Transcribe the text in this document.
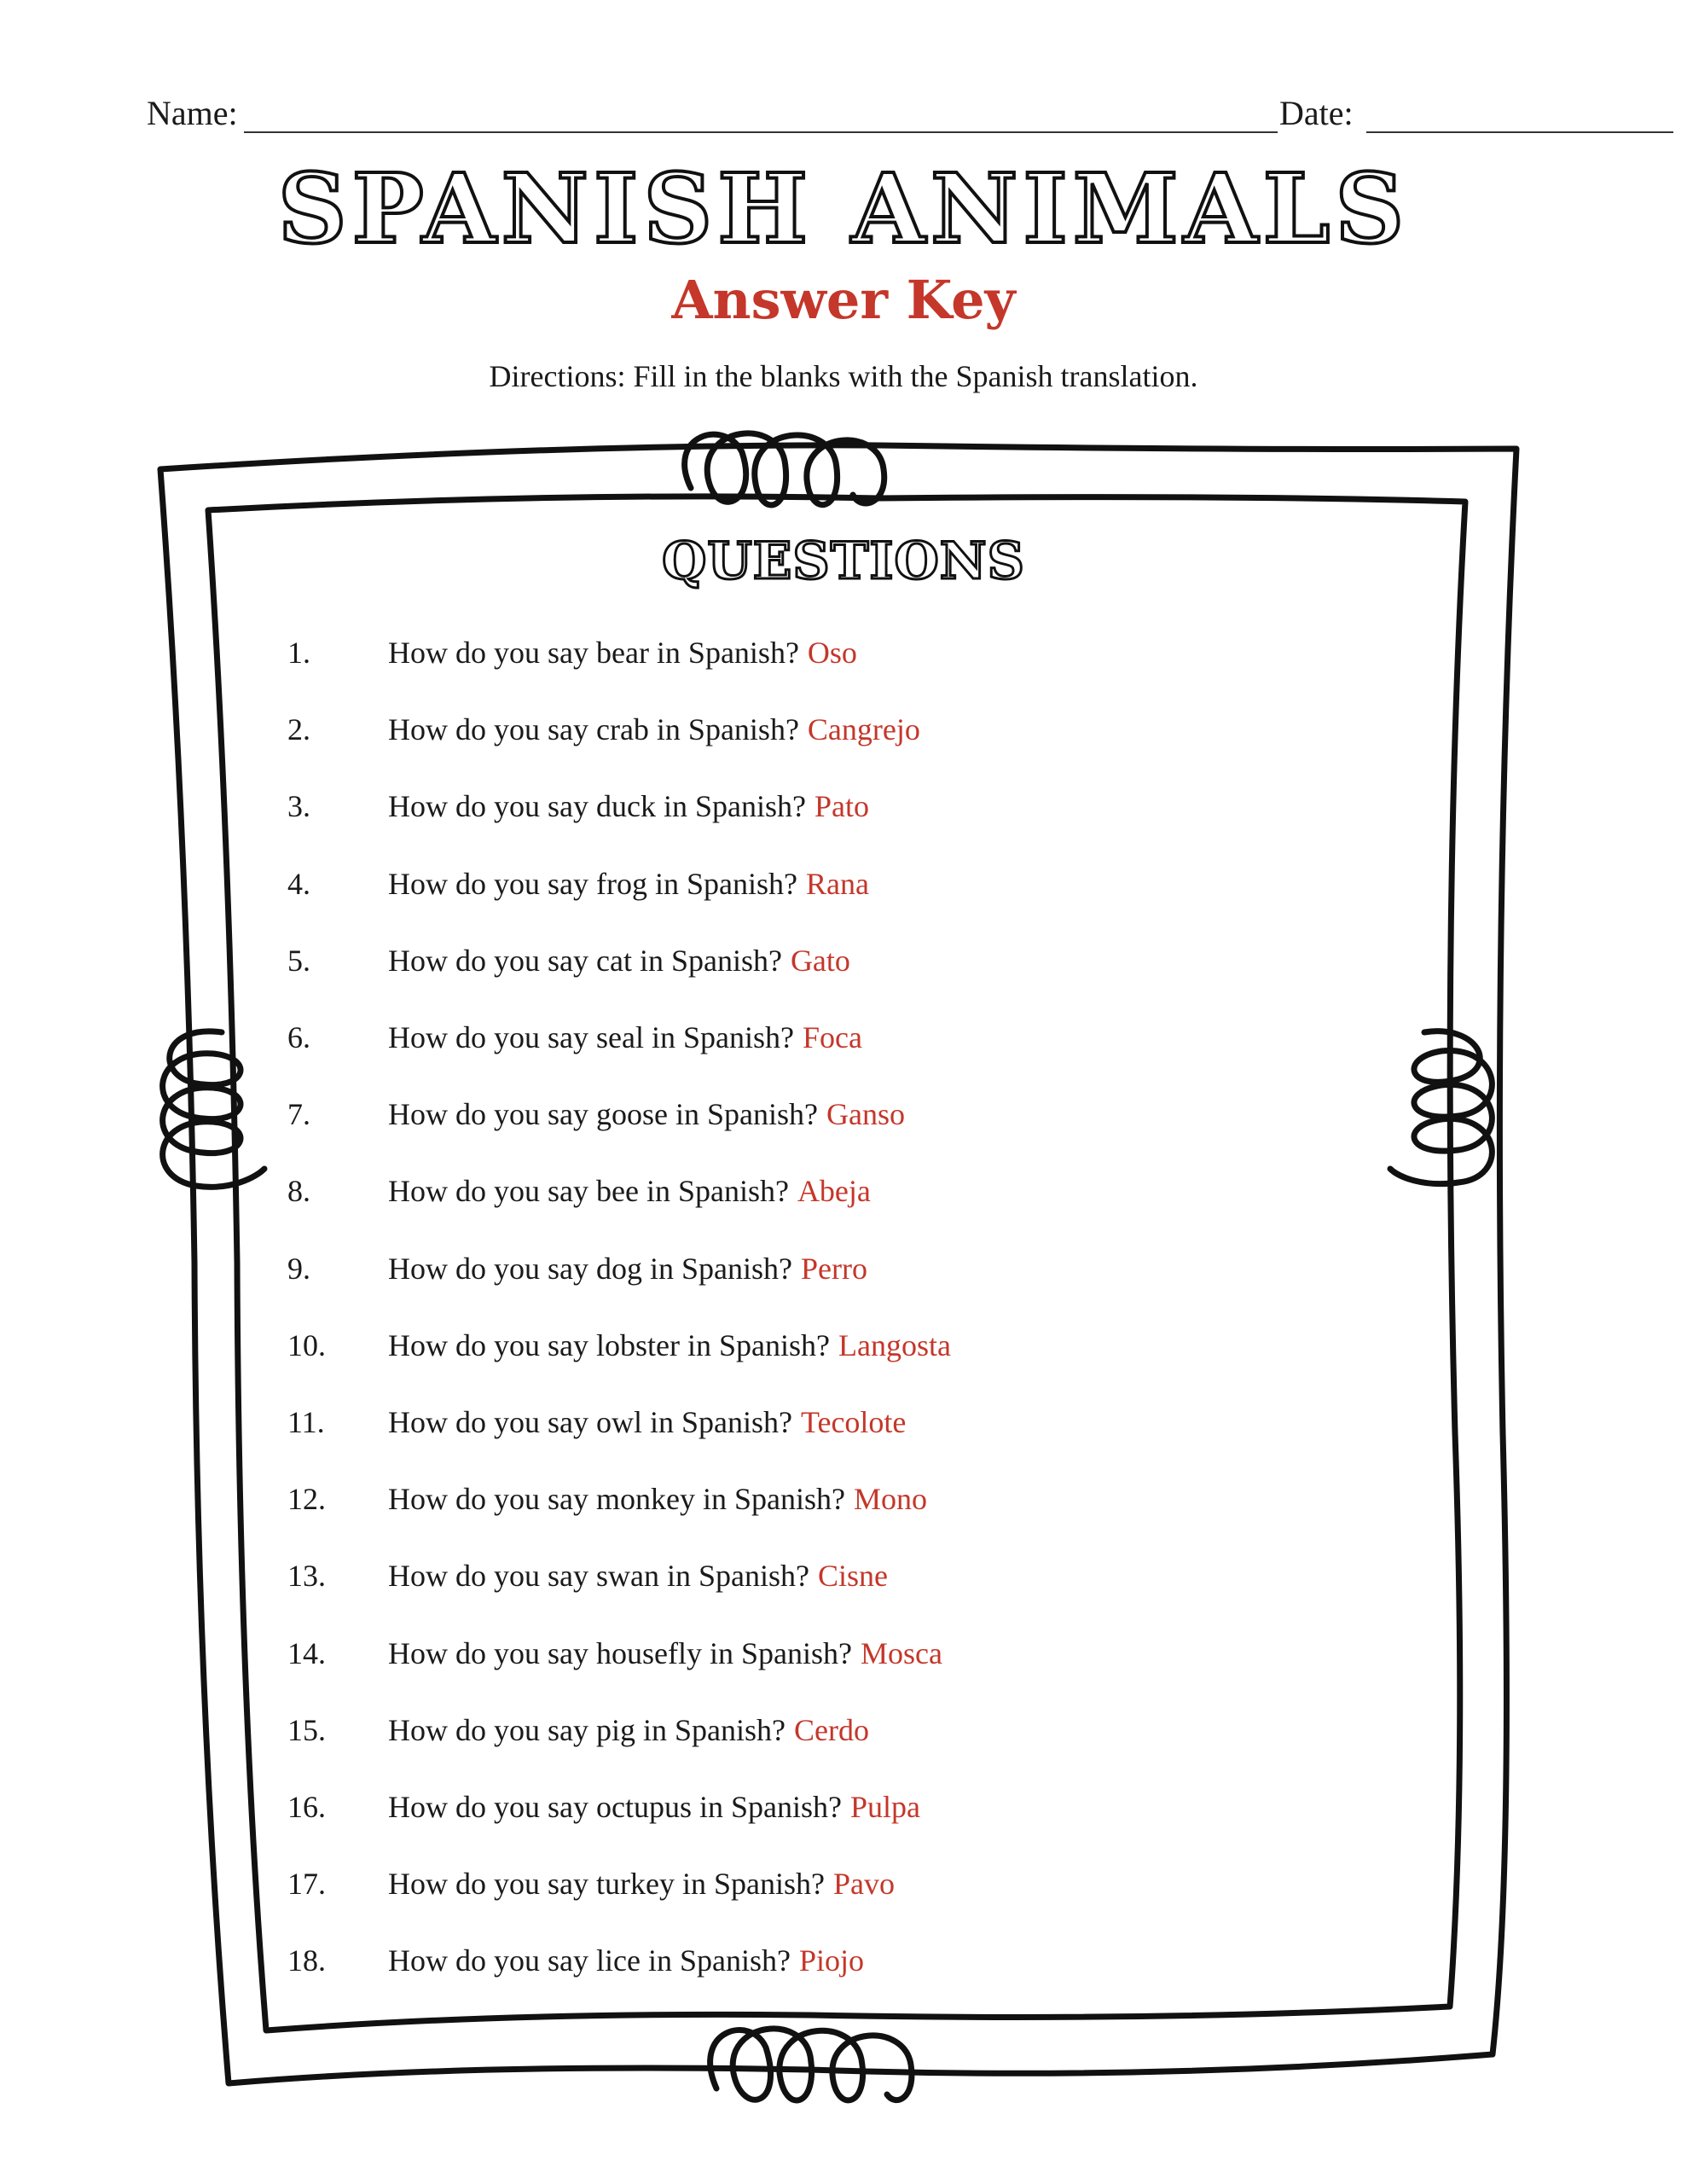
Name:	Date:
SPANISH ANIMALS
Answer Key
Directions: Fill in the blanks with the Spanish translation.
QUESTIONS
1.	How do you say bear in Spanish? Oso
2.	How do you say crab in Spanish? Cangrejo
3.	How do you say duck in Spanish? Pato
4.	How do you say frog in Spanish? Rana
5.	How do you say cat in Spanish? Gato
6.	How do you say seal in Spanish? Foca
7.	How do you say goose in Spanish? Ganso
8.	How do you say bee in Spanish? Abeja
9.	How do you say dog in Spanish? Perro
10.	How do you say lobster in Spanish? Langosta
11.	How do you say owl in Spanish? Tecolote
12.	How do you say monkey in Spanish? Mono
13.	How do you say swan in Spanish? Cisne
14.	How do you say housefly in Spanish? Mosca
15.	How do you say pig in Spanish? Cerdo
16.	How do you say octupus in Spanish? Pulpa
17.	How do you say turkey in Spanish? Pavo
18.	How do you say lice in Spanish? Piojo
